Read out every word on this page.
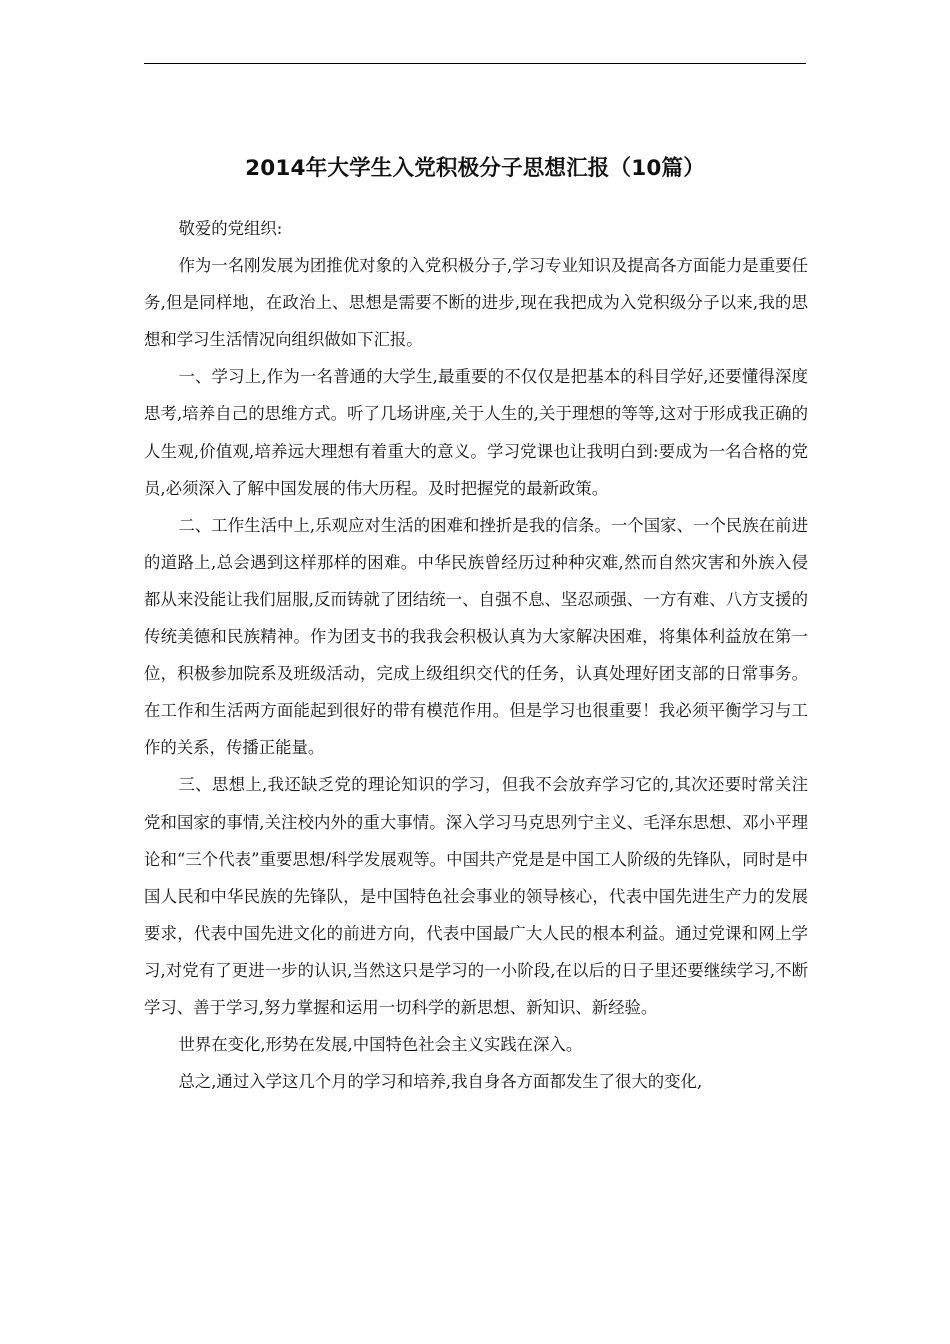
2014年大学生入党积极分子思想汇报（10篇）

敬爱的党组织:

作为一名刚发展为团推优对象的入党积极分子,学习专业知识及提高各方面能力是重要任务,但是同样地，在政治上、思想是需要不断的进步,现在我把成为入党积级分子以来,我的思想和学习生活情况向组织做如下汇报。

一、学习上,作为一名普通的大学生,最重要的不仅仅是把基本的科目学好,还要懂得深度思考,培养自己的思维方式。听了几场讲座,关于人生的,关于理想的等等,这对于形成我正确的人生观,价值观,培养远大理想有着重大的意义。学习党课也让我明白到:要成为一名合格的党员,必须深入了解中国发展的伟大历程。及时把握党的最新政策。

二、工作生活中上,乐观应对生活的困难和挫折是我的信条。一个国家、一个民族在前进的道路上,总会遇到这样那样的困难。中华民族曾经历过种种灾难,然而自然灾害和外族入侵都从来没能让我们屈服,反而铸就了团结统一、自强不息、坚忍顽强、一方有难、八方支援的传统美德和民族精神。作为团支书的我我会积极认真为大家解决困难，将集体利益放在第一位，积极参加院系及班级活动，完成上级组织交代的任务，认真处理好团支部的日常事务。在工作和生活两方面能起到很好的带有模范作用。但是学习也很重要！我必须平衡学习与工作的关系，传播正能量。

三、思想上,我还缺乏党的理论知识的学习，但我不会放弃学习它的,其次还要时常关注党和国家的事情,关注校内外的重大事情。深入学习马克思列宁主义、毛泽东思想、邓小平理论和“三个代表”重要思想/科学发展观等。中国共产党是是中国工人阶级的先锋队，同时是中国人民和中华民族的先锋队，是中国特色社会事业的领导核心，代表中国先进生产力的发展要求，代表中国先进文化的前进方向，代表中国最广大人民的根本利益。通过党课和网上学习,对党有了更进一步的认识,当然这只是学习的一小阶段,在以后的日子里还要继续学习,不断学习、善于学习,努力掌握和运用一切科学的新思想、新知识、新经验。

世界在变化,形势在发展,中国特色社会主义实践在深入。

总之,通过入学这几个月的学习和培养,我自身各方面都发生了很大的变化,
